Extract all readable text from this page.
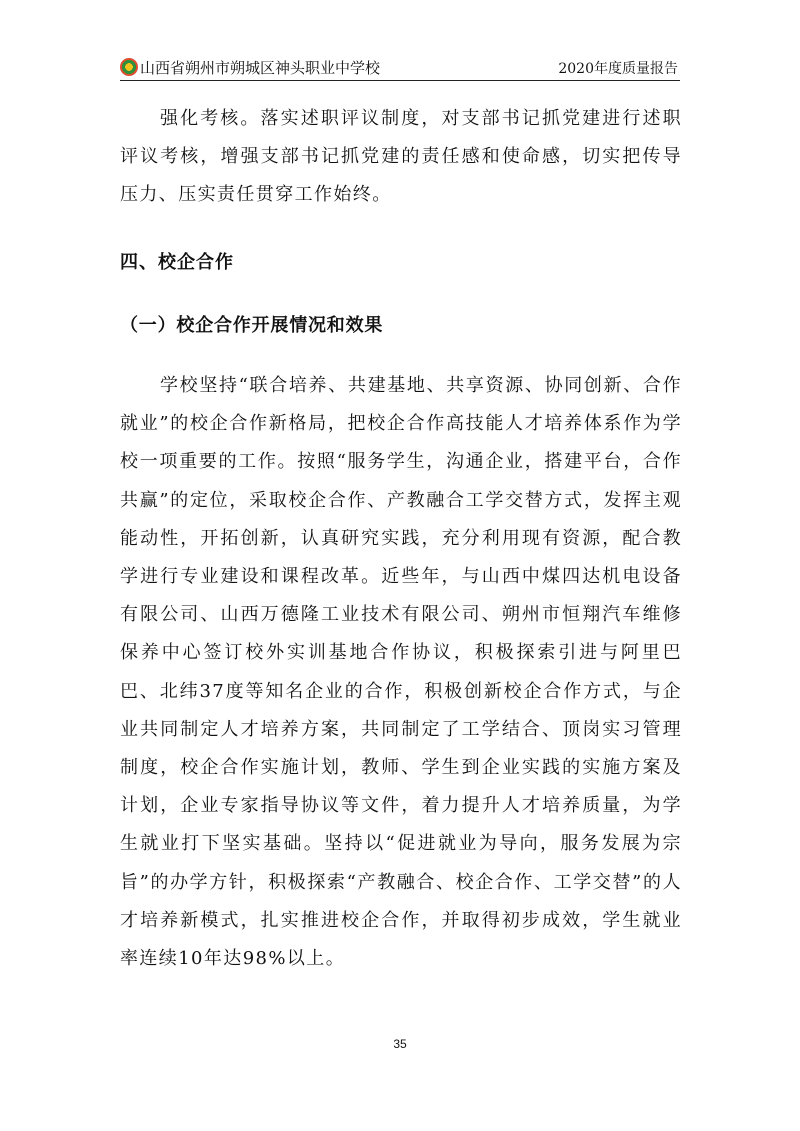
山西省朔州市朔城区神头职业中学校	2020年度质量报告

强化考核。落实述职评议制度，对支部书记抓党建进行述职评议考核，增强支部书记抓党建的责任感和使命感，切实把传导压力、压实责任贯穿工作始终。

四、校企合作
（一）校企合作开展情况和效果

学校坚持“联合培养、共建基地、共享资源、协同创新、合作就业”的校企合作新格局，把校企合作高技能人才培养体系作为学校一项重要的工作。按照“服务学生，沟通企业，搭建平台，合作共赢”的定位，采取校企合作、产教融合工学交替方式，发挥主观能动性，开拓创新，认真研究实践，充分利用现有资源，配合教学进行专业建设和课程改革。近些年，与山西中煤四达机电设备有限公司、山西万德隆工业技术有限公司、朔州市恒翔汽车维修保养中心签订校外实训基地合作协议，积极探索引进与阿里巴巴、北纬37度等知名企业的合作，积极创新校企合作方式，与企业共同制定人才培养方案，共同制定了工学结合、顶岗实习管理制度，校企合作实施计划，教师、学生到企业实践的实施方案及计划，企业专家指导协议等文件，着力提升人才培养质量，为学生就业打下坚实基础。坚持以“促进就业为导向，服务发展为宗旨”的办学方针，积极探索“产教融合、校企合作、工学交替”的人才培养新模式，扎实推进校企合作，并取得初步成效，学生就业率连续10年达98%以上。

35
